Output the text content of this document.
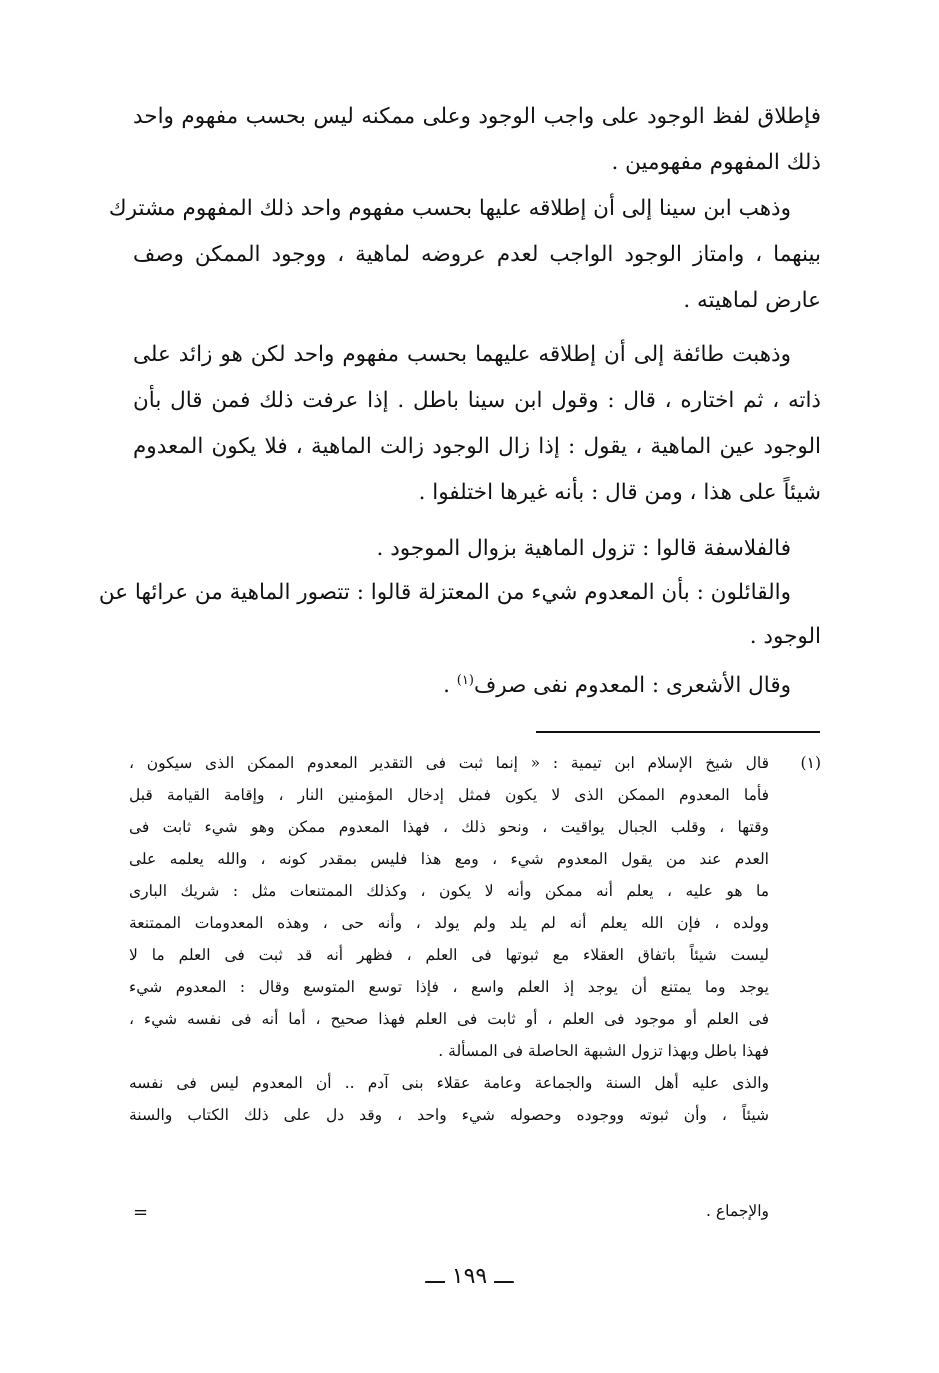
فإطلاق لفظ الوجود على واجب الوجود وعلى ممكنه ليس بحسب مفهوم واحد
ذلك المفهوم مفهومين .
وذهب ابن سينا إلى أن إطلاقه عليها بحسب مفهوم واحد ذلك المفهوم مشترك
بينهما ، وامتاز الوجود الواجب لعدم عروضه لماهية ، ووجود الممكن وصف
عارض لماهيته .
وذهبت طائفة إلى أن إطلاقه عليهما بحسب مفهوم واحد لكن هو زائد على
ذاته ، ثم اختاره ، قال : وقول ابن سينا باطل . إذا عرفت ذلك فمن قال بأن
الوجود عين الماهية ، يقول : إذا زال الوجود زالت الماهية ، فلا يكون المعدوم
شيئاً على هذا ، ومن قال : بأنه غيرها اختلفوا .
فالفلاسفة قالوا : تزول الماهية بزوال الموجود .
والقائلون : بأن المعدوم شيء من المعتزلة قالوا : تتصور الماهية من عرائها عن
الوجود .
وقال الأشعرى : المعدوم نفى صرف$^{(١)}$ .
(١)
قال شيخ الإسلام ابن تيمية : « إنما ثبت فى التقدير المعدوم الممكن الذى سيكون ،
فأما المعدوم الممكن الذى لا يكون فمثل إدخال المؤمنين النار ، وإقامة القيامة قبل
وقتها ، وقلب الجبال يواقيت ، ونحو ذلك ، فهذا المعدوم ممكن وهو شيء ثابت فى
العدم عند من يقول المعدوم شيء ، ومع هذا فليس بمقدر كونه ، والله يعلمه على
ما هو عليه ، يعلم أنه ممكن وأنه لا يكون ، وكذلك الممتنعات مثل : شريك البارى
وولده ، فإن الله يعلم أنه لم يلد ولم يولد ، وأنه حى ، وهذه المعدومات الممتنعة
ليست شيئاً باتفاق العقلاء مع ثبوتها فى العلم ، فظهر أنه قد ثبت فى العلم ما لا
يوجد وما يمتنع أن يوجد إذ العلم واسع ، فإذا توسع المتوسع وقال : المعدوم شيء
فى العلم أو موجود فى العلم ، أو ثابت فى العلم فهذا صحيح ، أما أنه فى نفسه شيء ،
فهذا باطل وبهذا تزول الشبهة الحاصلة فى المسألة .
والذى عليه أهل السنة والجماعة وعامة عقلاء بنى آدم .. أن المعدوم ليس فى نفسه
شيئاً ، وأن ثبوته ووجوده وحصوله شيء واحد ، وقد دل على ذلك الكتاب والسنة
والإجماع .
=
ـــ ١٩٩ ـــ
